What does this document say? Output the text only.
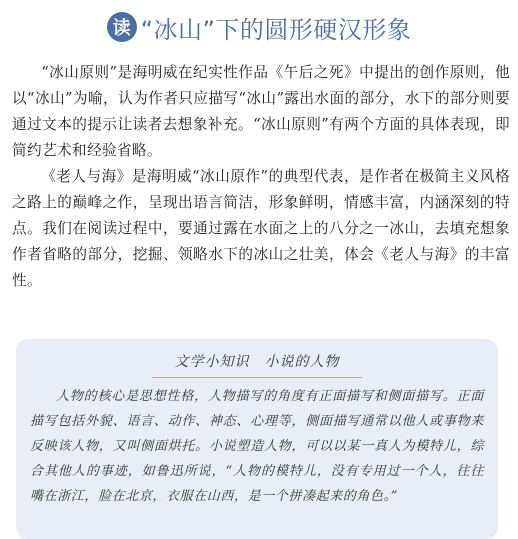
读 “冰山”下的圆形硬汉形象

“冰山原则”是海明威在纪实性作品《午后之死》中提出的创作原则，他以“冰山”为喻，认为作者只应描写“冰山”露出水面的部分，水下的部分则要通过文本的提示让读者去想象补充。“冰山原则”有两个方面的具体表现，即简约艺术和经验省略。

《老人与海》是海明威“冰山原作”的典型代表，是作者在极简主义风格之路上的巅峰之作，呈现出语言简洁，形象鲜明，情感丰富，内涵深刻的特点。我们在阅读过程中，要通过露在水面之上的八分之一冰山，去填充想象作者省略的部分，挖掘、领略水下的冰山之壮美，体会《老人与海》的丰富性。

文学小知识　小说的人物
人物的核心是思想性格，人物描写的角度有正面描写和侧面描写。正面描写包括外貌、语言、动作、神态、心理等，侧面描写通常以他人或事物来反映该人物，又叫侧面烘托。小说塑造人物，可以以某一真人为模特儿，综合其他人的事迹，如鲁迅所说，“人物的模特儿，没有专用过一个人，往往嘴在浙江，脸在北京，衣服在山西，是一个拼凑起来的角色。”
